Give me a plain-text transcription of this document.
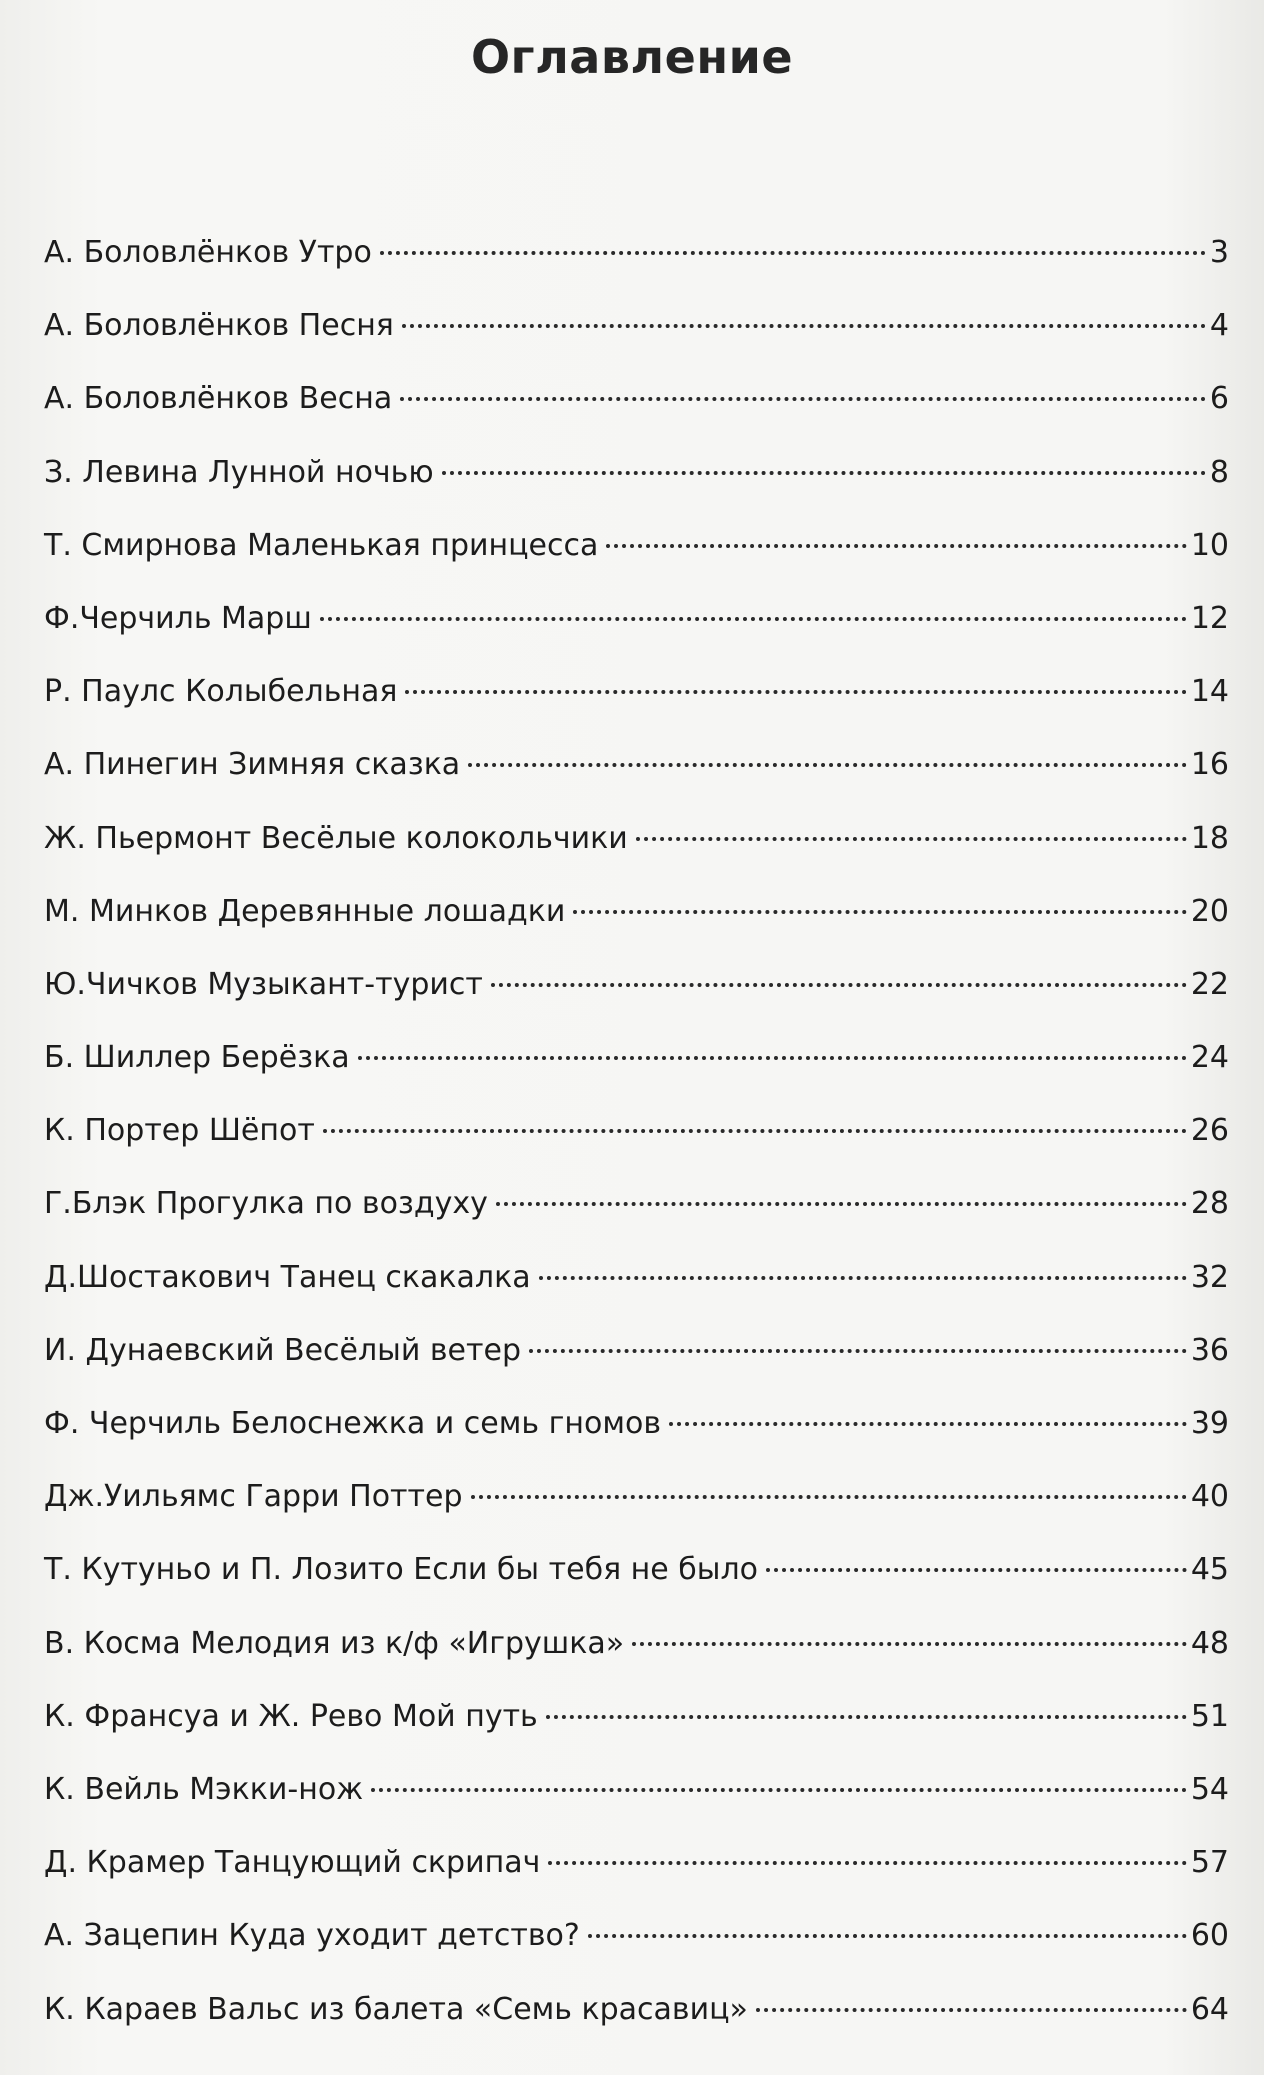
Оглавление
А. Боловлёнков Утро	3
А. Боловлёнков Песня	4
А. Боловлёнков Весна	6
З. Левина Лунной ночью	8
Т. Смирнова Маленькая принцесса	10
Ф.Черчиль Марш	12
Р. Паулс Колыбельная	14
А. Пинегин Зимняя сказка	16
Ж. Пьермонт Весёлые колокольчики	18
М. Минков Деревянные лошадки	20
Ю.Чичков Музыкант-турист	22
Б. Шиллер Берёзка	24
К. Портер Шёпот	26
Г.Блэк Прогулка по воздуху	28
Д.Шостакович Танец скакалка	32
И. Дунаевский Весёлый ветер	36
Ф. Черчиль Белоснежка и семь гномов	39
Дж.Уильямс Гарри Поттер	40
Т. Кутуньо и П. Лозито Если бы тебя не было	45
В. Косма Мелодия из к/ф «Игрушка»	48
К. Франсуа и Ж. Рево Мой путь	51
К. Вейль Мэкки-нож	54
Д. Крамер Танцующий скрипач	57
А. Зацепин Куда уходит детство?	60
К. Караев Вальс из балета «Семь красавиц»	64
